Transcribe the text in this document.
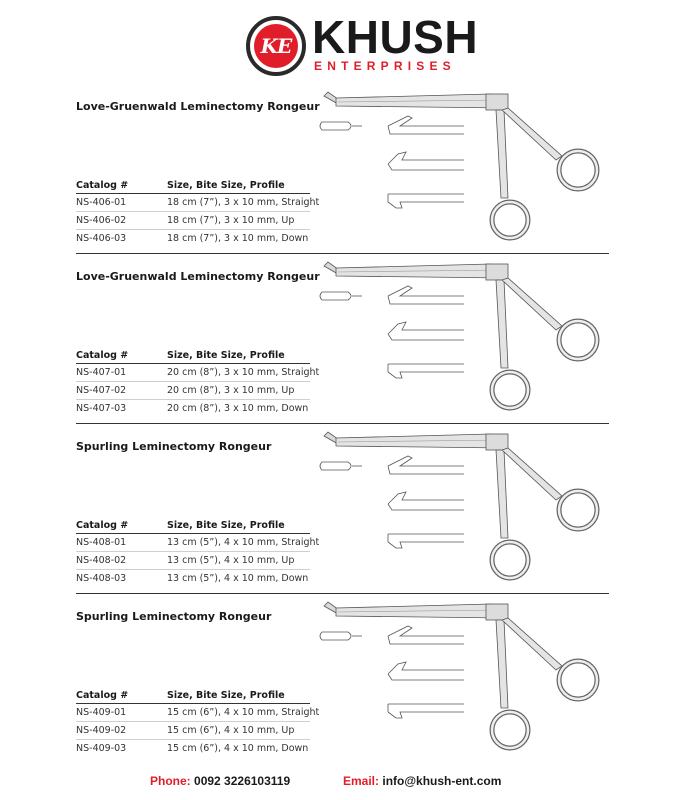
KE KHUSH
ENTERPRISES
Love-Gruenwald Leminectomy Rongeur
Catalog #	Size, Bite Size, Profile
NS-406-01	18 cm (7”), 3 x 10 mm, Straight
NS-406-02	18 cm (7”), 3 x 10 mm, Up
NS-406-03	18 cm (7”), 3 x 10 mm, Down
Love-Gruenwald Leminectomy Rongeur
Catalog #	Size, Bite Size, Profile
NS-407-01	20 cm (8”), 3 x 10 mm, Straight
NS-407-02	20 cm (8”), 3 x 10 mm, Up
NS-407-03	20 cm (8”), 3 x 10 mm, Down
Spurling Leminectomy Rongeur
Catalog #	Size, Bite Size, Profile
NS-408-01	13 cm (5”), 4 x 10 mm, Straight
NS-408-02	13 cm (5”), 4 x 10 mm, Up
NS-408-03	13 cm (5”), 4 x 10 mm, Down
Spurling Leminectomy Rongeur
Catalog #	Size, Bite Size, Profile
NS-409-01	15 cm (6”), 4 x 10 mm, Straight
NS-409-02	15 cm (6”), 4 x 10 mm, Up
NS-409-03	15 cm (6”), 4 x 10 mm, Down
Phone: 0092 3226103119	Email: info@khush-ent.com
